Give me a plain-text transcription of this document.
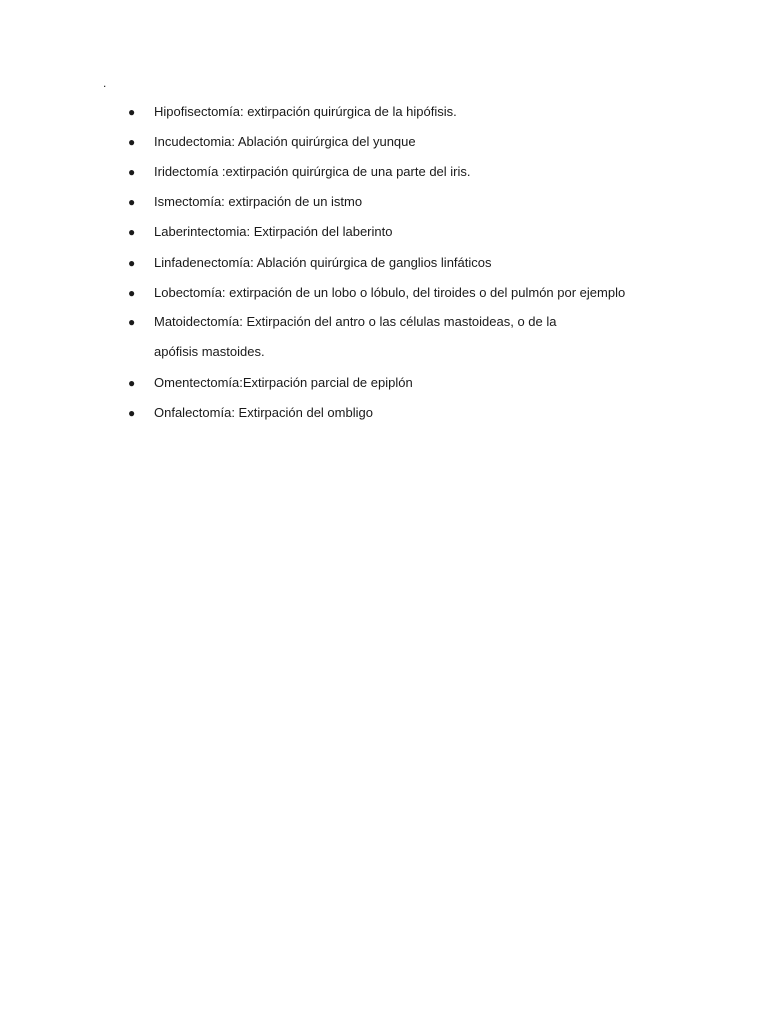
.
● Hipofisectomía: extirpación quirúrgica de la hipófisis.
● Incudectomia: Ablación quirúrgica del yunque
● Iridectomía :extirpación quirúrgica de una parte del iris.
● Ismectomía: extirpación de un istmo
● Laberintectomia: Extirpación del laberinto
● Linfadenectomía: Ablación quirúrgica de ganglios linfáticos
● Lobectomía: extirpación de un lobo o lóbulo, del tiroides o del pulmón por ejemplo
● Matoidectomía: Extirpación del antro o las células mastoideas, o de la
apófisis mastoides.
● Omentectomía:Extirpación parcial de epiplón
● Onfalectomía: Extirpación del ombligo
